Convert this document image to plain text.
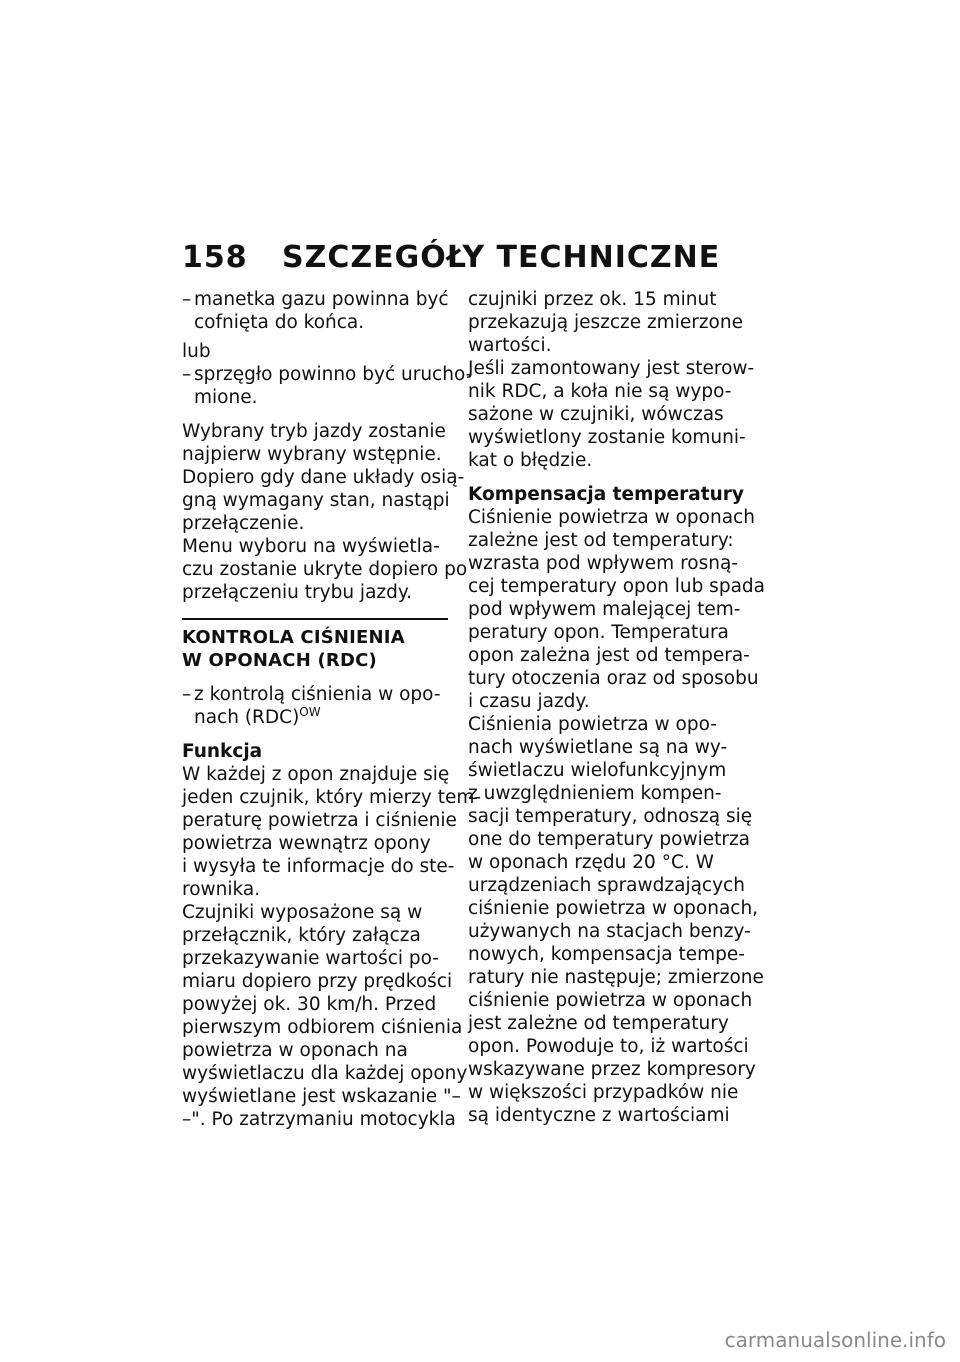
158 SZCZEGÓŁY TECHNICZNE
– manetka gazu powinna być
cofnięta do końca.
lub
– sprzęgło powinno być urucho-
mione.
Wybrany tryb jazdy zostanie
najpierw wybrany wstępnie.
Dopiero gdy dane układy osią-
gną wymagany stan, nastąpi
przełączenie.
Menu wyboru na wyświetla-
czu zostanie ukryte dopiero po
przełączeniu trybu jazdy.
KONTROLA CIŚNIENIA
W OPONACH (RDC)
– z kontrolą ciśnienia w opo-
nach (RDC)$^{OW}$
Funkcja
W każdej z opon znajduje się
jeden czujnik, który mierzy tem-
peraturę powietrza i ciśnienie
powietrza wewnątrz opony
i wysyła te informacje do ste-
rownika.
Czujniki wyposażone są w
przełącznik, który załącza
przekazywanie wartości po-
miaru dopiero przy prędkości
powyżej ok. 30 km/h. Przed
pierwszym odbiorem ciśnienia
powietrza w oponach na
wyświetlaczu dla każdej opony
wyświetlane jest wskazanie "–
–". Po zatrzymaniu motocykla
czujniki przez ok. 15 minut
przekazują jeszcze zmierzone
wartości.
Jeśli zamontowany jest sterow-
nik RDC, a koła nie są wypo-
sażone w czujniki, wówczas
wyświetlony zostanie komuni-
kat o błędzie.
Kompensacja temperatury
Ciśnienie powietrza w oponach
zależne jest od temperatury:
wzrasta pod wpływem rosną-
cej temperatury opon lub spada
pod wpływem malejącej tem-
peratury opon. Temperatura
opon zależna jest od tempera-
tury otoczenia oraz od sposobu
i czasu jazdy.
Ciśnienia powietrza w opo-
nach wyświetlane są na wy-
świetlaczu wielofunkcyjnym
z uwzględnieniem kompen-
sacji temperatury, odnoszą się
one do temperatury powietrza
w oponach rzędu 20 °C. W
urządzeniach sprawdzających
ciśnienie powietrza w oponach,
używanych na stacjach benzy-
nowych, kompensacja tempe-
ratury nie następuje; zmierzone
ciśnienie powietrza w oponach
jest zależne od temperatury
opon. Powoduje to, iż wartości
wskazywane przez kompresory
w większości przypadków nie
są identyczne z wartościami
carmanualsonline.info
